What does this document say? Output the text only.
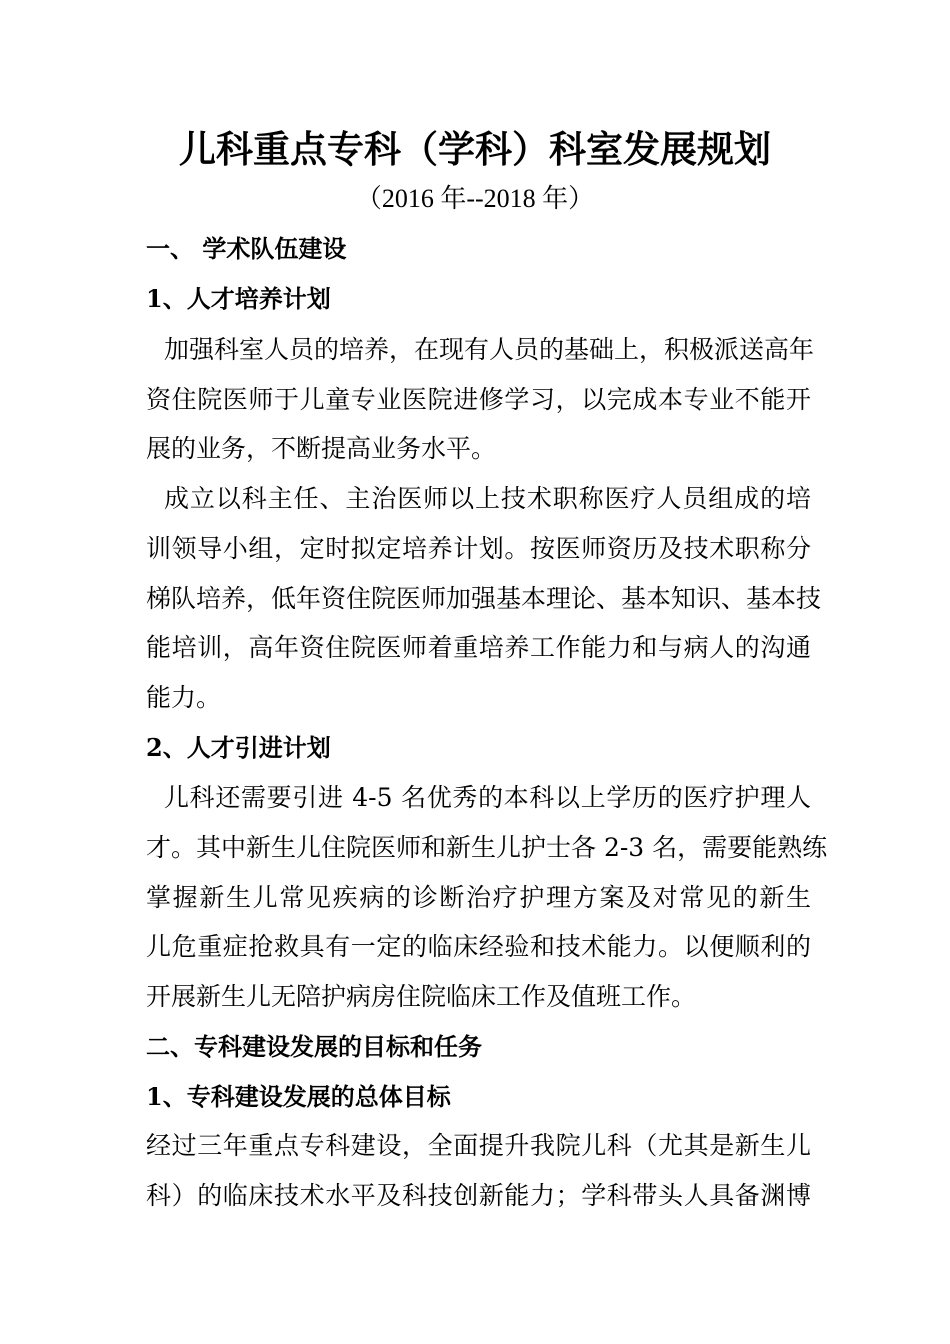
儿科重点专科（学科）科室发展规划
（2016 年--2018 年）
一、 学术队伍建设
1、人才培养计划
加强科室人员的培养，在现有人员的基础上，积极派送高年
资住院医师于儿童专业医院进修学习，以完成本专业不能开
展的业务，不断提高业务水平。
成立以科主任、主治医师以上技术职称医疗人员组成的培
训领导小组，定时拟定培养计划。按医师资历及技术职称分
梯队培养，低年资住院医师加强基本理论、基本知识、基本技
能培训，高年资住院医师着重培养工作能力和与病人的沟通
能力。
2、人才引进计划
儿科还需要引进 4-5 名优秀的本科以上学历的医疗护理人
才。其中新生儿住院医师和新生儿护士各 2-3 名，需要能熟练
掌握新生儿常见疾病的诊断治疗护理方案及对常见的新生
儿危重症抢救具有一定的临床经验和技术能力。以便顺利的
开展新生儿无陪护病房住院临床工作及值班工作。
二、专科建设发展的目标和任务
1、专科建设发展的总体目标
经过三年重点专科建设，全面提升我院儿科（尤其是新生儿
科）的临床技术水平及科技创新能力；学科带头人具备渊博
